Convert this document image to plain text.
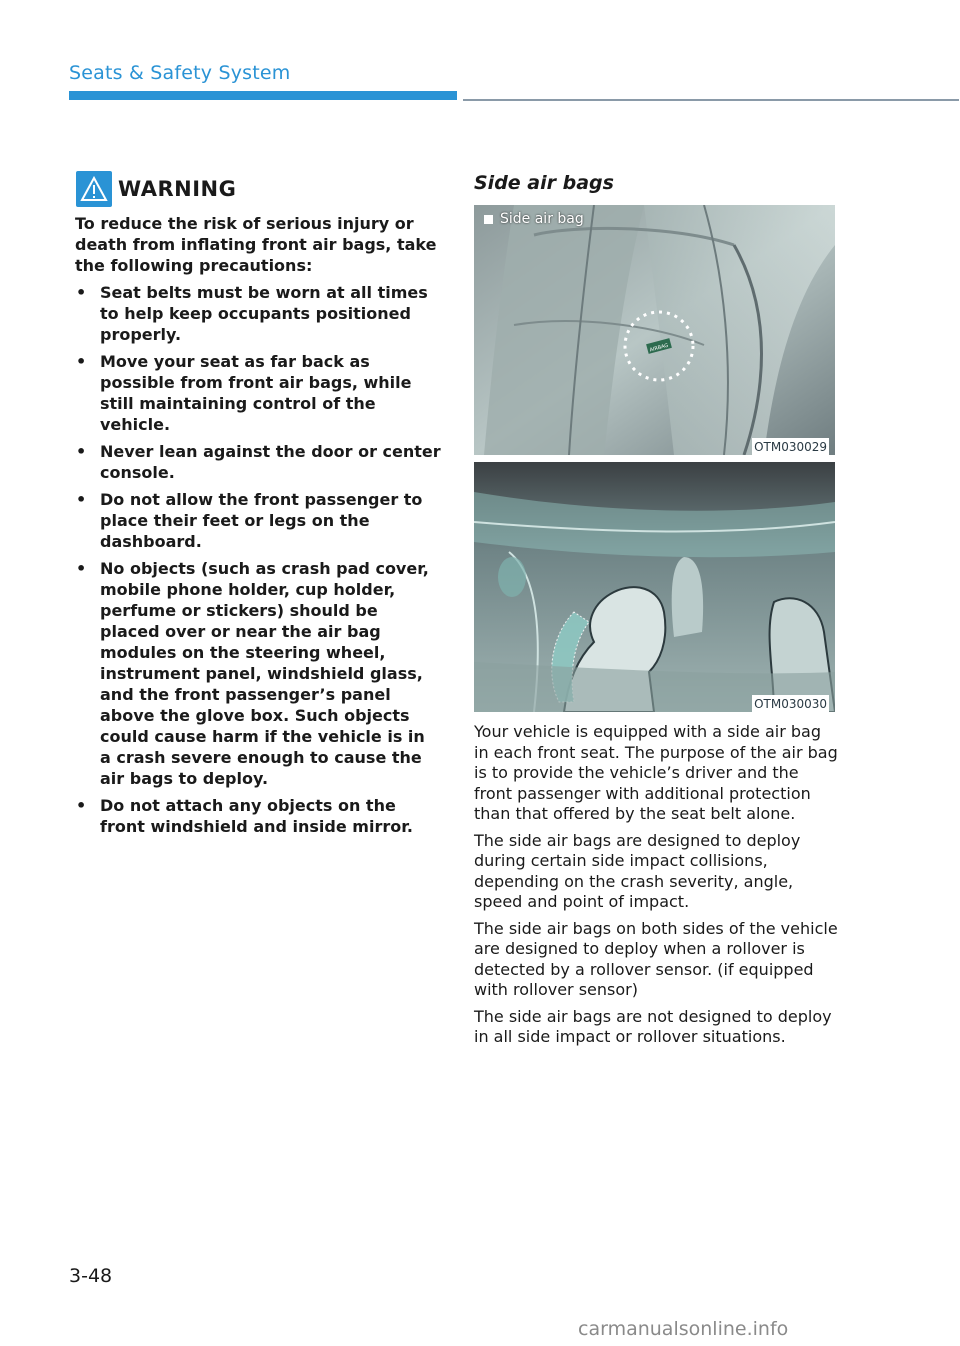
Seats & Safety System
WARNING

To reduce the risk of serious injury or death from inflating front air bags, take the following precautions:

• Seat belts must be worn at all times to help keep occupants positioned properly.
• Move your seat as far back as possible from front air bags, while still maintaining control of the vehicle.
• Never lean against the door or center console.
• Do not allow the front passenger to place their feet or legs on the dashboard.
• No objects (such as crash pad cover, mobile phone holder, cup holder, perfume or stickers) should be placed over or near the air bag modules on the steering wheel, instrument panel, windshield glass, and the front passenger’s panel above the glove box. Such objects could cause harm if the vehicle is in a crash severe enough to cause the air bags to deploy.
• Do not attach any objects on the front windshield and inside mirror.
Side air bags
AIRBAG
Side air bag
OTM030029
OTM030030

Your vehicle is equipped with a side air bag in each front seat. The purpose of the air bag is to provide the vehicle’s driver and the front passenger with additional protection than that offered by the seat belt alone.

The side air bags are designed to deploy during certain side impact collisions, depending on the crash severity, angle, speed and point of impact.

The side air bags on both sides of the vehicle are designed to deploy when a rollover is detected by a rollover sensor. (if equipped with rollover sensor)

The side air bags are not designed to deploy in all side impact or rollover situations.

3-48
carmanualsonline.info
